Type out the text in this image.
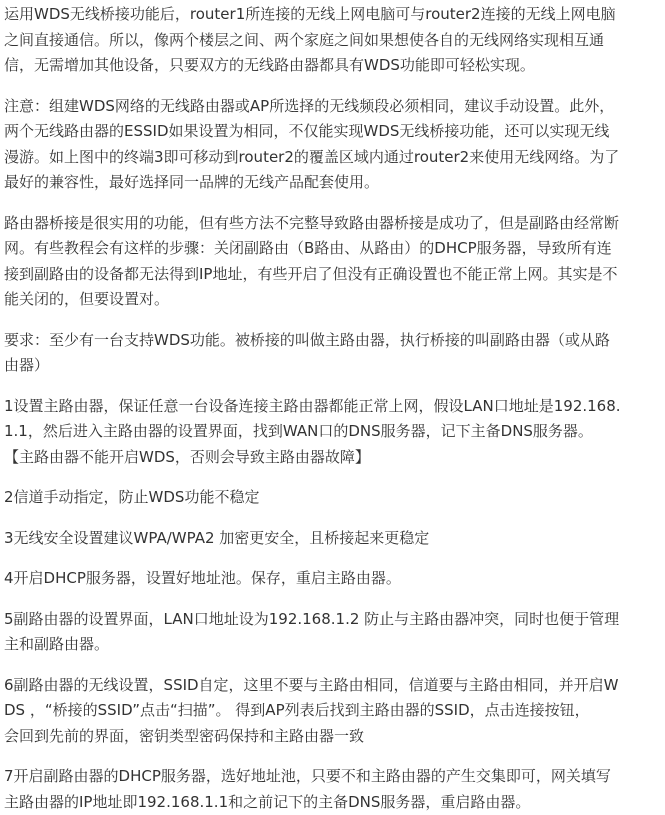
运用WDS无线桥接功能后，router1所连接的无线上网电脑可与router2连接的无线上网电脑
之间直接通信。所以，像两个楼层之间、两个家庭之间如果想使各自的无线网络实现相互通
信，无需增加其他设备，只要双方的无线路由器都具有WDS功能即可轻松实现。

注意：组建WDS网络的无线路由器或AP所选择的无线频段必须相同，建议手动设置。此外，
两个无线路由器的ESSID如果设置为相同，不仅能实现WDS无线桥接功能，还可以实现无线
漫游。如上图中的终端3即可移动到router2的覆盖区域内通过router2来使用无线网络。为了
最好的兼容性，最好选择同一品牌的无线产品配套使用。

路由器桥接是很实用的功能，但有些方法不完整导致路由器桥接是成功了，但是副路由经常断
网。有些教程会有这样的步骤：关闭副路由（B路由、从路由）的DHCP服务器，导致所有连
接到副路由的设备都无法得到IP地址，有些开启了但没有正确设置也不能正常上网。其实是不
能关闭的，但要设置对。

要求：至少有一台支持WDS功能。被桥接的叫做主路由器，执行桥接的叫副路由器（或从路
由器）

1设置主路由器，保证任意一台设备连接主路由器都能正常上网，假设LAN口地址是192.168.
1.1，然后进入主路由器的设置界面，找到WAN口的DNS服务器，记下主备DNS服务器。
【主路由器不能开启WDS，否则会导致主路由器故障】

2信道手动指定，防止WDS功能不稳定

3无线安全设置建议WPA/WPA2 加密更安全，且桥接起来更稳定

4开启DHCP服务器，设置好地址池。保存，重启主路由器。

5副路由器的设置界面，LAN口地址设为192.168.1.2 防止与主路由器冲突，同时也便于管理
主和副路由器。

6副路由器的无线设置，SSID自定，这里不要与主路由相同，信道要与主路由相同，并开启W
DS ，“桥接的SSID”点击“扫描”。 得到AP列表后找到主路由器的SSID，点击连接按钮，
会回到先前的界面，密钥类型密码保持和主路由器一致

7开启副路由器的DHCP服务器，选好地址池，只要不和主路由器的产生交集即可，网关填写
主路由器的IP地址即192.168.1.1和之前记下的主备DNS服务器，重启路由器。
